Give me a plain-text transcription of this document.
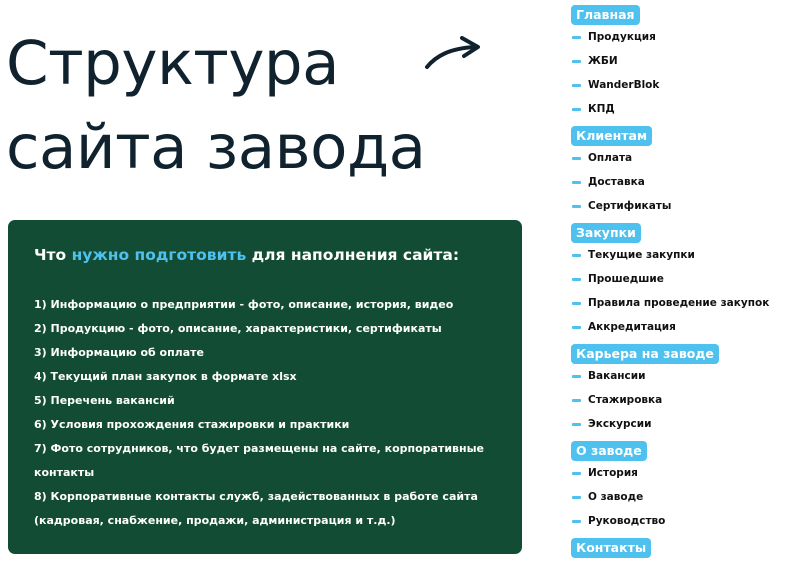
Структура
сайта завода
Что нужно подготовить для наполнения сайта:
1) Информацию о предприятии - фото, описание, история, видео
2) Продукцию - фото, описание, характеристики, сертификаты
3) Информацию об оплате
4) Текущий план закупок в формате xlsx
5) Перечень вакансий
6) Условия прохождения стажировки и практики
7) Фото сотрудников, что будет размещены на сайте, корпоративные контакты
8) Корпоративные контакты служб, задействованных в работе сайта (кадровая, снабжение, продажи, администрация и т.д.)
Главная
Продукция
ЖБИ
WanderBlok
КПД
Клиентам
Оплата
Доставка
Сертификаты
Закупки
Текущие закупки
Прошедшие
Правила проведение закупок
Аккредитация
Карьера на заводе
Вакансии
Стажировка
Экскурсии
О заводе
История
О заводе
Руководство
Контакты
